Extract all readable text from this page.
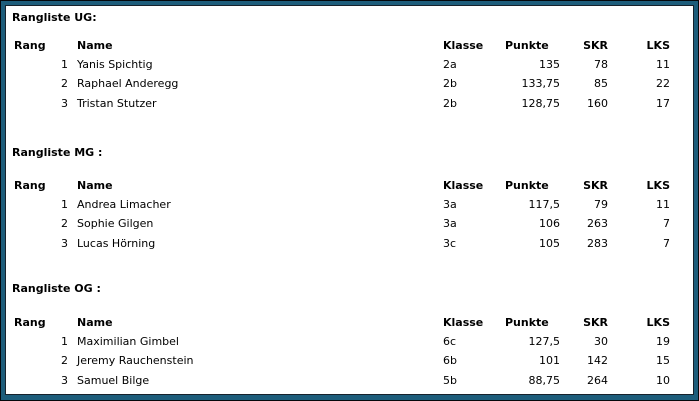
Rangliste UG:
Rang	Name	Klasse	Punkte	SKR	LKS
1 Yanis Spichtig	2a	135	78	11
2 Raphael Anderegg	2b	133,75	85	22
3 Tristan Stutzer	2b	128,75	160	17
Rangliste MG :
Rang	Name	Klasse	Punkte	SKR	LKS
1 Andrea Limacher	3a	117,5	79	11
2 Sophie Gilgen	3a	106	263	7
3 Lucas Hörning	3c	105	283	7
Rangliste OG :
Rang	Name	Klasse	Punkte	SKR	LKS
1 Maximilian Gimbel	6c	127,5	30	19
2 Jeremy Rauchenstein	6b	101	142	15
3 Samuel Bilge	5b	88,75	264	10
